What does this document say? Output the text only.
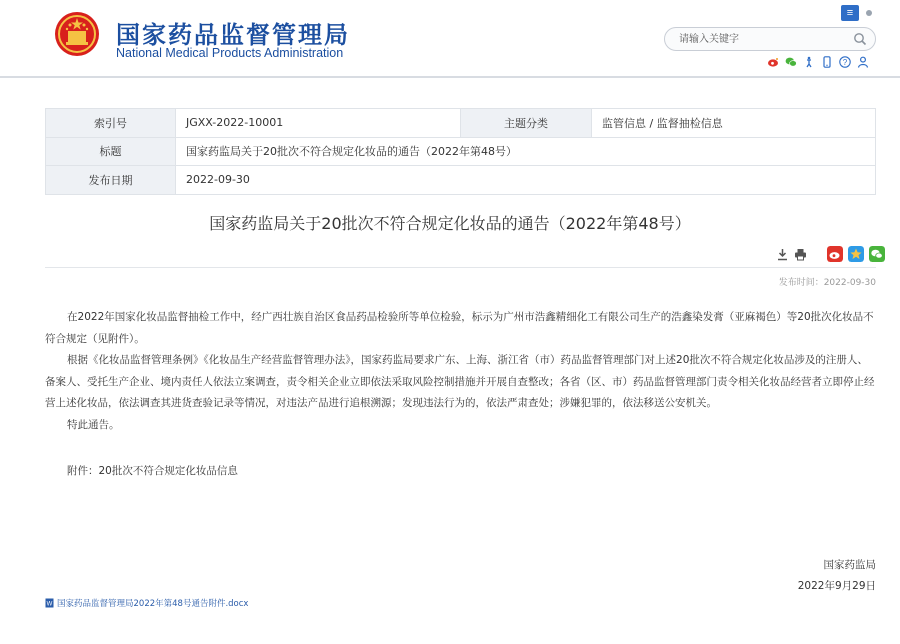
国家药品监督管理局
National Medical Products Administration
≡
请输入关键字
?
索引号	JGXX-2022-10001	主题分类	监管信息 / 监督抽检信息
标题	国家药监局关于20批次不符合规定化妆品的通告（2022年第48号）		
发布日期	2022-09-30		
国家药监局关于20批次不符合规定化妆品的通告（2022年第48号）
发布时间：2022-09-30

在2022年国家化妆品监督抽检工作中，经广西壮族自治区食品药品检验所等单位检验，标示为广州市浩鑫精细化工有限公司生产的浩鑫染发膏（亚麻褐色）等20批次化妆品不符合规定（见附件）。

根据《化妆品监督管理条例》《化妆品生产经营监督管理办法》，国家药监局要求广东、上海、浙江省（市）药品监督管理部门对上述20批次不符合规定化妆品涉及的注册人、备案人、受托生产企业、境内责任人依法立案调查，责令相关企业立即依法采取风险控制措施并开展自查整改；各省（区、市）药品监督管理部门责令相关化妆品经营者立即停止经营上述化妆品，依法调查其进货查验记录等情况，对违法产品进行追根溯源；发现违法行为的，依法严肃查处；涉嫌犯罪的，依法移送公安机关。

特此通告。

附件：20批次不符合规定化妆品信息
国家药监局
2022年9月29日
W 国家药品监督管理局2022年第48号通告附件.docx
